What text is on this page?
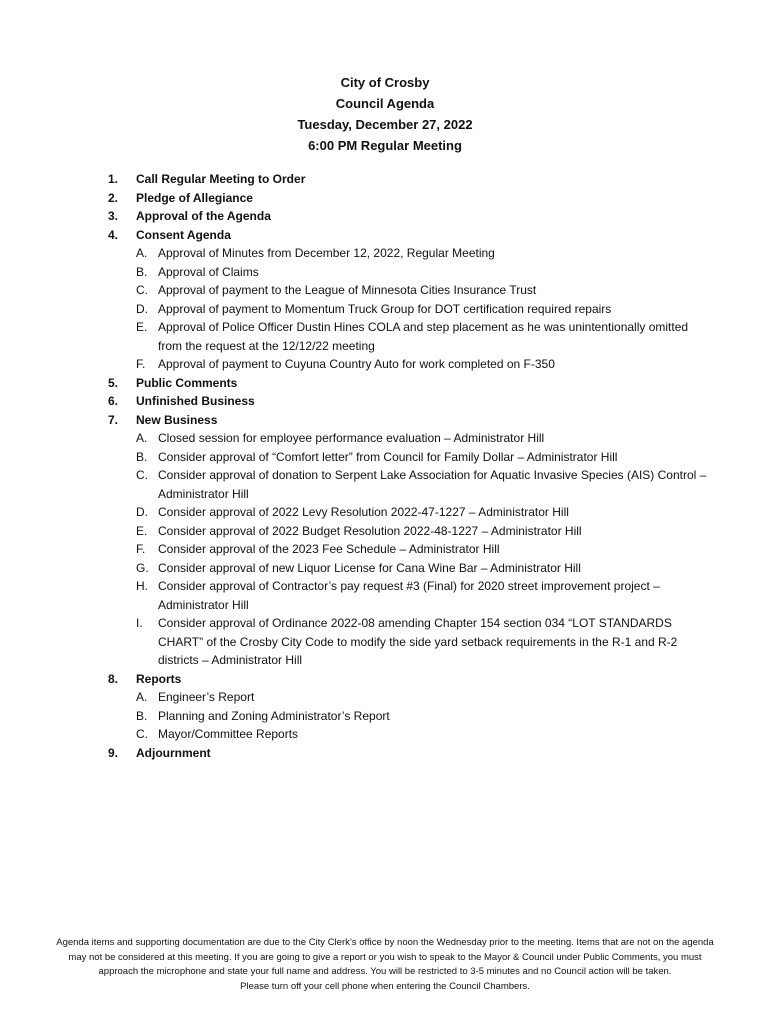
City of Crosby
Council Agenda
Tuesday, December 27, 2022
6:00 PM Regular Meeting
1. Call Regular Meeting to Order
2. Pledge of Allegiance
3. Approval of the Agenda
4. Consent Agenda
A. Approval of Minutes from December 12, 2022, Regular Meeting
B. Approval of Claims
C. Approval of payment to the League of Minnesota Cities Insurance Trust
D. Approval of payment to Momentum Truck Group for DOT certification required repairs
E. Approval of Police Officer Dustin Hines COLA and step placement as he was unintentionally omitted from the request at the 12/12/22 meeting
F. Approval of payment to Cuyuna Country Auto for work completed on F-350
5. Public Comments
6. Unfinished Business
7. New Business
A. Closed session for employee performance evaluation – Administrator Hill
B. Consider approval of “Comfort letter” from Council for Family Dollar – Administrator Hill
C. Consider approval of donation to Serpent Lake Association for Aquatic Invasive Species (AIS) Control – Administrator Hill
D. Consider approval of 2022 Levy Resolution 2022-47-1227 – Administrator Hill
E. Consider approval of 2022 Budget Resolution 2022-48-1227 – Administrator Hill
F. Consider approval of the 2023 Fee Schedule – Administrator Hill
G. Consider approval of new Liquor License for Cana Wine Bar – Administrator Hill
H. Consider approval of Contractor’s pay request #3 (Final) for 2020 street improvement project – Administrator Hill
I. Consider approval of Ordinance 2022-08 amending Chapter 154 section 034 “LOT STANDARDS CHART” of the Crosby City Code to modify the side yard setback requirements in the R-1 and R-2 districts – Administrator Hill
8. Reports
A. Engineer’s Report
B. Planning and Zoning Administrator’s Report
C. Mayor/Committee Reports
9. Adjournment
Agenda items and supporting documentation are due to the City Clerk’s office by noon the Wednesday prior to the meeting. Items that are not on the agenda may not be considered at this meeting. If you are going to give a report or you wish to speak to the Mayor & Council under Public Comments, you must approach the microphone and state your full name and address. You will be restricted to 3-5 minutes and no Council action will be taken.
Please turn off your cell phone when entering the Council Chambers.
